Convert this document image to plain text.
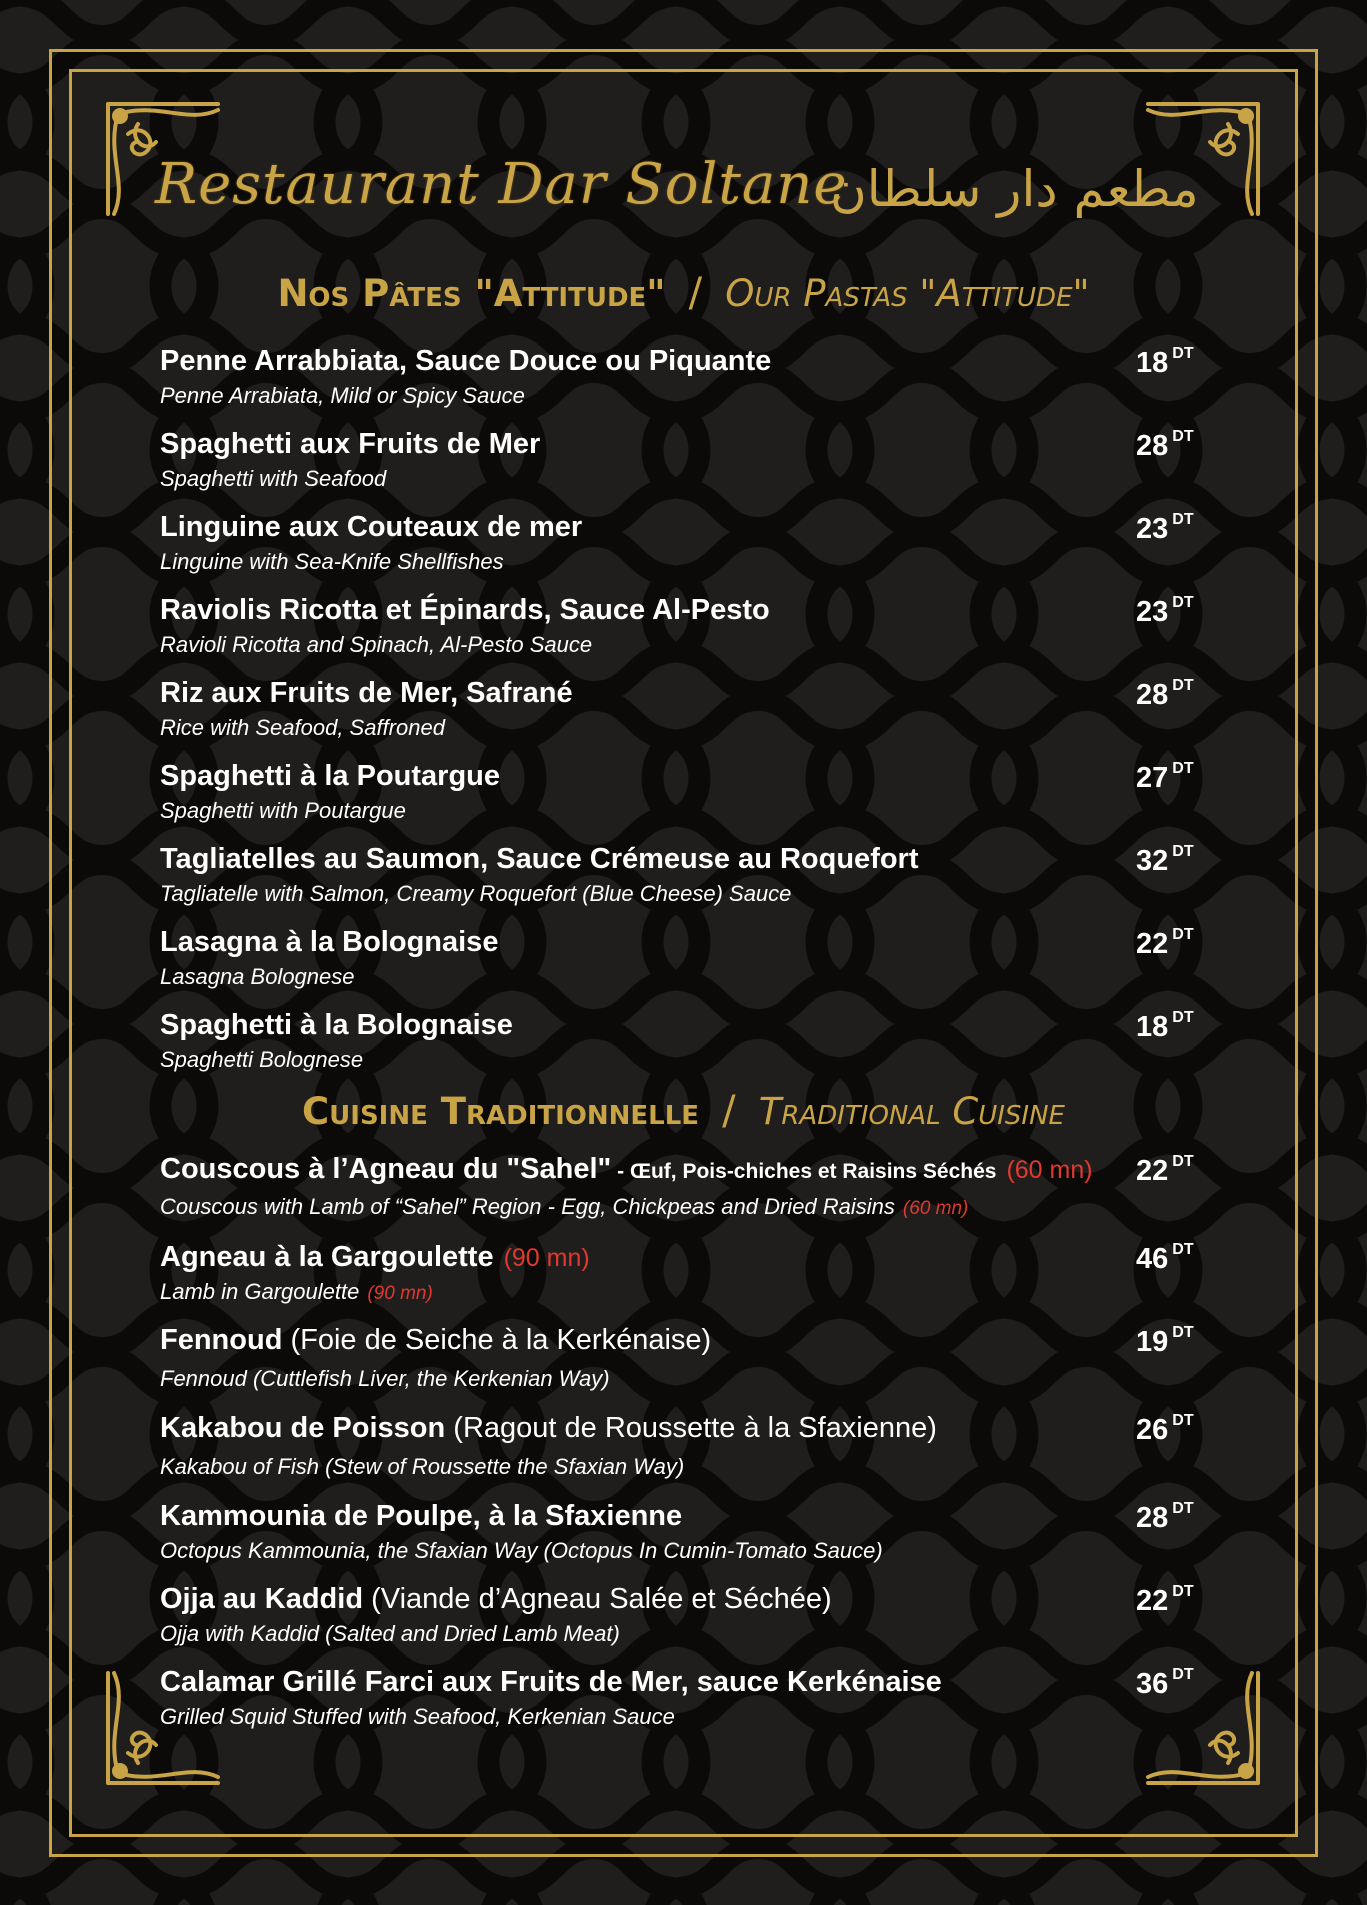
Restaurant Dar Soltane
مطعم دار سلطان
Nos Pâtes "Attitude" / Our Pastas "Attitude"
Penne Arrabbiata, Sauce Douce ou Piquante
Penne Arrabiata, Mild or Spicy Sauce
18 $^{DT}$
Spaghetti aux Fruits de Mer
Spaghetti with Seafood
28 $^{DT}$
Linguine aux Couteaux de mer
Linguine with Sea-Knife Shellfishes
23 $^{DT}$
Raviolis Ricotta et Épinards, Sauce Al-Pesto
Ravioli Ricotta and Spinach, Al-Pesto Sauce
23 $^{DT}$
Riz aux Fruits de Mer, Safrané
Rice with Seafood, Saffroned
28 $^{DT}$
Spaghetti à la Poutargue
Spaghetti with Poutargue
27 $^{DT}$
Tagliatelles au Saumon, Sauce Crémeuse au Roquefort
Tagliatelle with Salmon, Creamy Roquefort (Blue Cheese) Sauce
32 $^{DT}$
Lasagna à la Bolognaise
Lasagna Bolognese
22 $^{DT}$
Spaghetti à la Bolognaise
Spaghetti Bolognese
18 $^{DT}$
Cuisine Traditionnelle / Traditional Cuisine
Couscous à l’Agneau du "Sahel" - Œuf, Pois-chiches et Raisins Séchés (60 mn)
Couscous with Lamb of “Sahel” Region - Egg, Chickpeas and Dried Raisins (60 mn)
22 $^{DT}$
Agneau à la Gargoulette (90 mn)
Lamb in Gargoulette (90 mn)
46 $^{DT}$
Fennoud (Foie de Seiche à la Kerkénaise)
Fennoud (Cuttlefish Liver, the Kerkenian Way)
19 $^{DT}$
Kakabou de Poisson (Ragout de Roussette à la Sfaxienne)
Kakabou of Fish (Stew of Roussette the Sfaxian Way)
26 $^{DT}$
Kammounia de Poulpe, à la Sfaxienne
Octopus Kammounia, the Sfaxian Way (Octopus In Cumin-Tomato Sauce)
28 $^{DT}$
Ojja au Kaddid (Viande d’Agneau Salée et Séchée)
Ojja with Kaddid (Salted and Dried Lamb Meat)
22 $^{DT}$
Calamar Grillé Farci aux Fruits de Mer, sauce Kerkénaise
Grilled Squid Stuffed with Seafood, Kerkenian Sauce
36 $^{DT}$
